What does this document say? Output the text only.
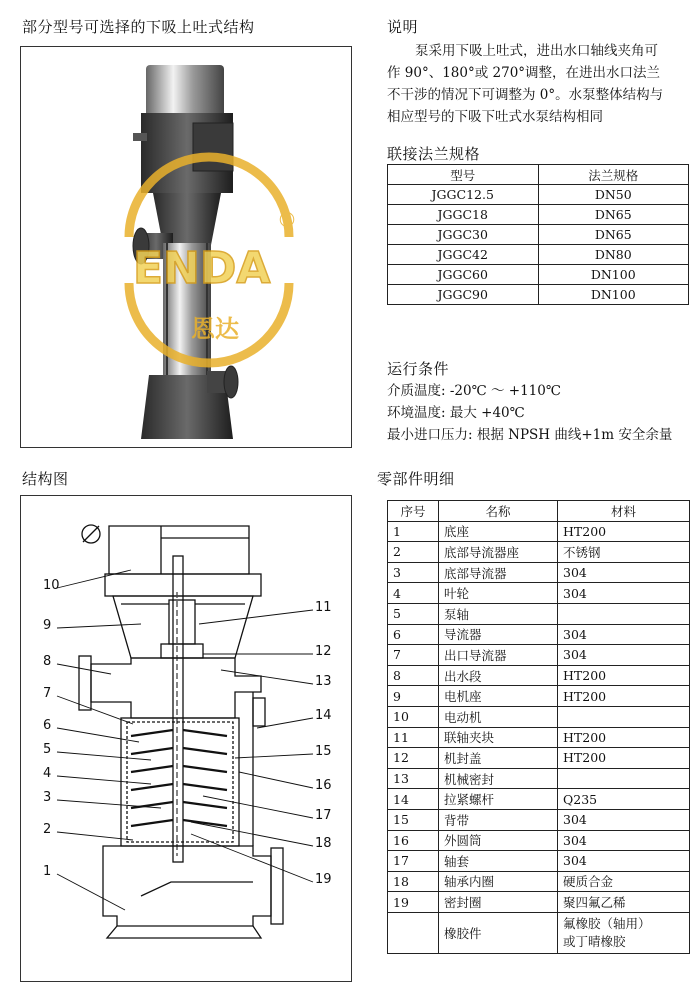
部分型号可选择的下吸上吐式结构	说明
联接法兰规格
运行条件
结构图	零部件明细
ENDA
®
恩达
泵采用下吸上吐式，进出水口轴线夹角可
作 90°、180°或 270°调整，在进出水口法兰
不干涉的情况下可调整为 0°。水泵整体结构与
相应型号的下吸下吐式水泵结构相同
型号	法兰规格
JGGC12.5	DN50
JGGC18	DN65
JGGC30	DN65
JGGC42	DN80
JGGC60	DN100
JGGC90	DN100
介质温度: -20℃ ～ +110℃
环境温度: 最大 +40℃
最小进口压力: 根据 NPSH 曲线+1m 安全余量
10
9
8
7
6
5
4
3
2
1
11
12
13
14
15
16
17
18
19
序号	名称	材料
1	底座	HT200
2	底部导流器座	不锈钢
3	底部导流器	304
4	叶轮	304
5	泵轴	
6	导流器	304
7	出口导流器	304
8	出水段	HT200
9	电机座	HT200
10	电动机	
11	联轴夹块	HT200
12	机封盖	HT200
13	机械密封	
14	拉紧螺杆	Q235
15	背带	304
16	外圆筒	304
17	轴套	304
18	轴承内圈	硬质合金
19	密封圈	聚四氟乙稀
	橡胶件	氟橡胶（轴用）
或丁晴橡胶
